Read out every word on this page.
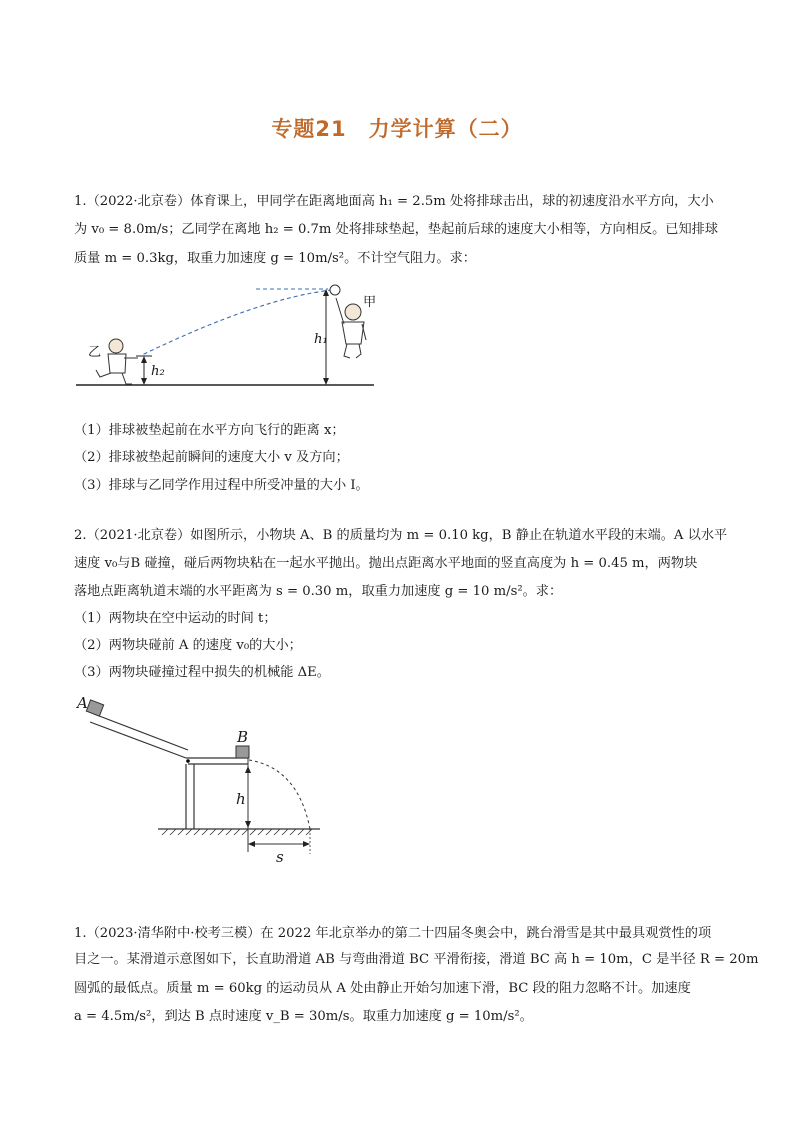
专题21　力学计算（二）
1.（2022·北京卷）体育课上，甲同学在距离地面高 h₁ = 2.5m 处将排球击出，球的初速度沿水平方向，大小
为 v₀ = 8.0m/s；乙同学在离地 h₂ = 0.7m 处将排球垫起，垫起前后球的速度大小相等，方向相反。已知排球
质量 m = 0.3kg，取重力加速度 g = 10m/s²。不计空气阻力。求：
甲
乙
h₁
h₂
（1）排球被垫起前在水平方向飞行的距离 x；
（2）排球被垫起前瞬间的速度大小 v 及方向；
（3）排球与乙同学作用过程中所受冲量的大小 I。
2.（2021·北京卷）如图所示，小物块 A、B 的质量均为 m = 0.10 kg，B 静止在轨道水平段的末端。A 以水平
速度 v₀与B 碰撞，碰后两物块粘在一起水平抛出。抛出点距离水平地面的竖直高度为 h = 0.45 m，两物块
落地点距离轨道末端的水平距离为 s = 0.30 m，取重力加速度 g = 10 m/s²。求：
（1）两物块在空中运动的时间 t；
（2）两物块碰前 A 的速度 v₀的大小；
（3）两物块碰撞过程中损失的机械能 ΔE。
A
B
h
s
1.（2023·清华附中·校考三模）在 2022 年北京举办的第二十四届冬奥会中，跳台滑雪是其中最具观赏性的项
目之一。某滑道示意图如下，长直助滑道 AB 与弯曲滑道 BC 平滑衔接，滑道 BC 高 h = 10m，C 是半径 R = 20m
圆弧的最低点。质量 m = 60kg 的运动员从 A 处由静止开始匀加速下滑，BC 段的阻力忽略不计。加速度
a = 4.5m/s²，到达 B 点时速度 v_B = 30m/s。取重力加速度 g = 10m/s²。
